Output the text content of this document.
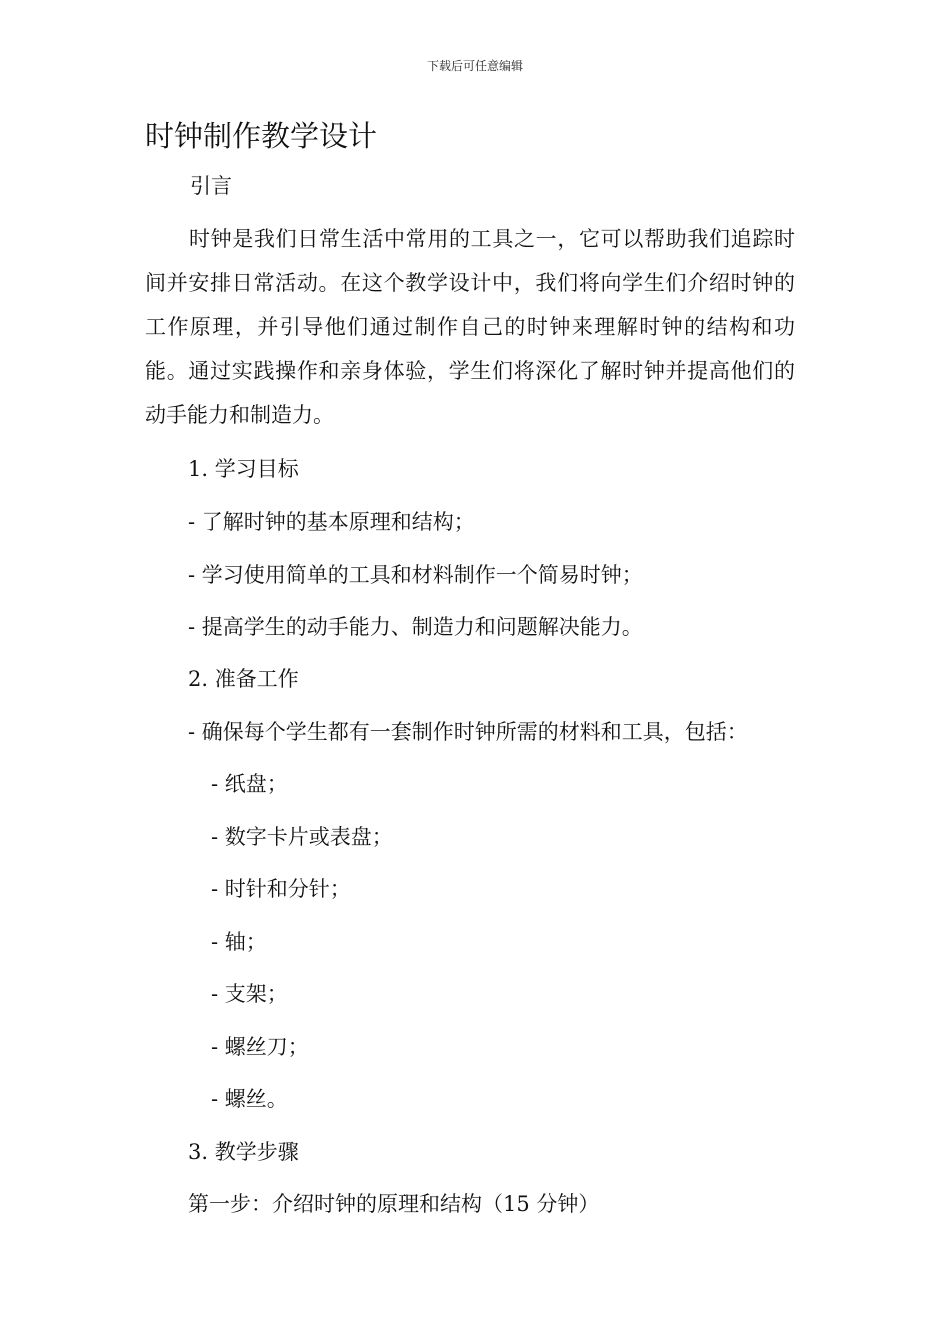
下载后可任意编辑
时钟制作教学设计
引言
时钟是我们日常生活中常用的工具之一，它可以帮助我们追踪时间并安排日常活动。在这个教学设计中，我们将向学生们介绍时钟的工作原理，并引导他们通过制作自己的时钟来理解时钟的结构和功能。通过实践操作和亲身体验，学生们将深化了解时钟并提高他们的动手能力和制造力。
1. 学习目标
- 了解时钟的基本原理和结构；
- 学习使用简单的工具和材料制作一个简易时钟；
- 提高学生的动手能力、制造力和问题解决能力。
2. 准备工作
- 确保每个学生都有一套制作时钟所需的材料和工具，包括：
- 纸盘；
- 数字卡片或表盘；
- 时针和分针；
- 轴；
- 支架；
- 螺丝刀；
- 螺丝。
3. 教学步骤
第一步：介绍时钟的原理和结构（15 分钟）
